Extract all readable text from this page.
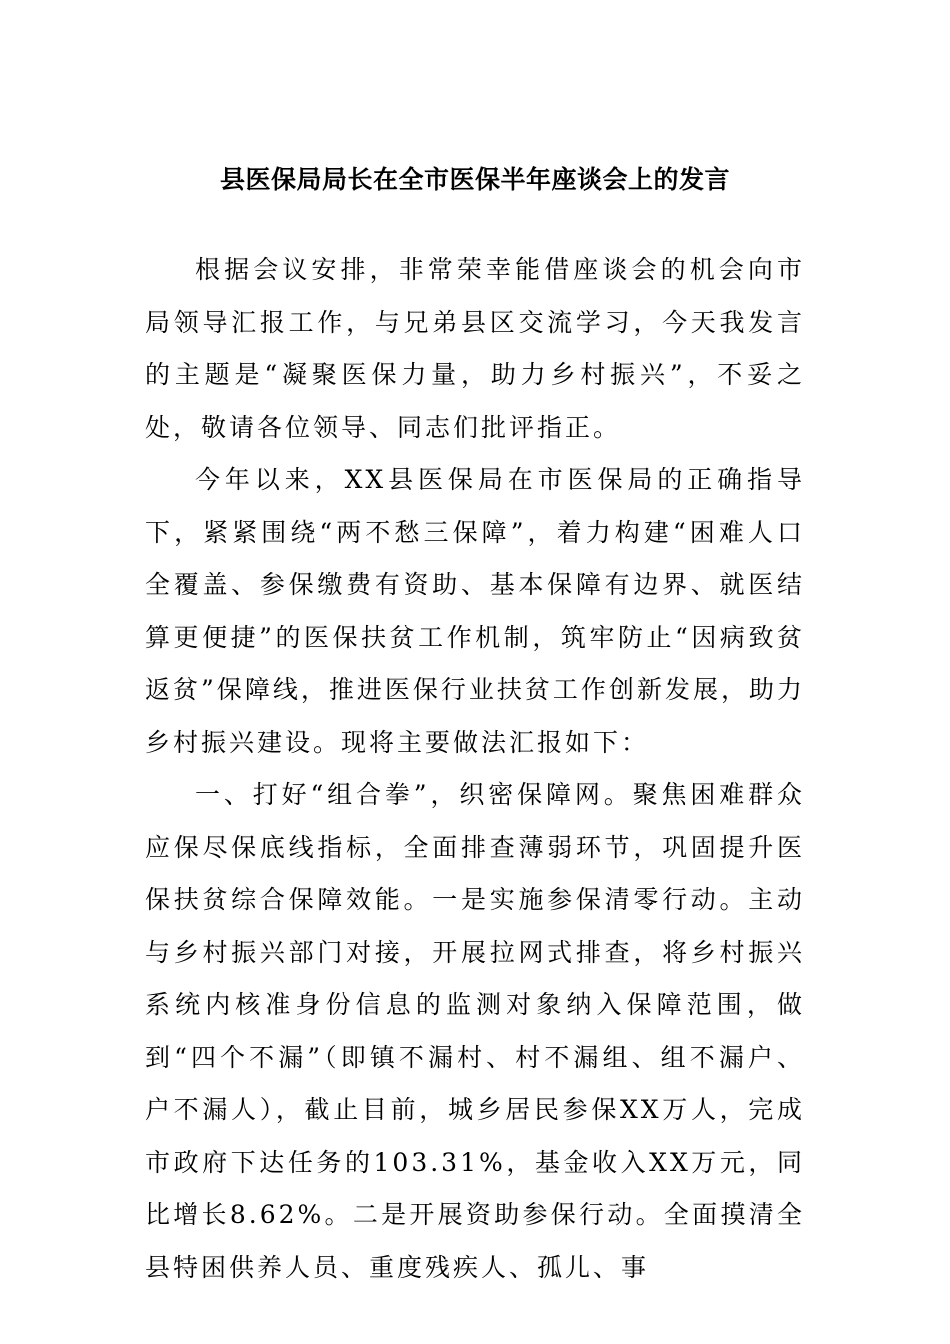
县医保局局长在全市医保半年座谈会上的发言

根据会议安排，非常荣幸能借座谈会的机会向市局领导汇报工作，与兄弟县区交流学习，今天我发言的主题是“凝聚医保力量，助力乡村振兴”，不妥之处，敬请各位领导、同志们批评指正。

今年以来，XX县医保局在市医保局的正确指导下，紧紧围绕“两不愁三保障”，着力构建“困难人口全覆盖、参保缴费有资助、基本保障有边界、就医结算更便捷”的医保扶贫工作机制，筑牢防止“因病致贫返贫”保障线，推进医保行业扶贫工作创新发展，助力乡村振兴建设。现将主要做法汇报如下：

一、打好“组合拳”，织密保障网。聚焦困难群众应保尽保底线指标，全面排查薄弱环节，巩固提升医保扶贫综合保障效能。一是实施参保清零行动。主动与乡村振兴部门对接，开展拉网式排查，将乡村振兴系统内核准身份信息的监测对象纳入保障范围，做到“四个不漏”（即镇不漏村、村不漏组、组不漏户、户不漏人），截止目前，城乡居民参保XX万人，完成市政府下达任务的103.31%，基金收入XX万元，同比增长8.62%。二是开展资助参保行动。全面摸清全县特困供养人员、重度残疾人、孤儿、事
